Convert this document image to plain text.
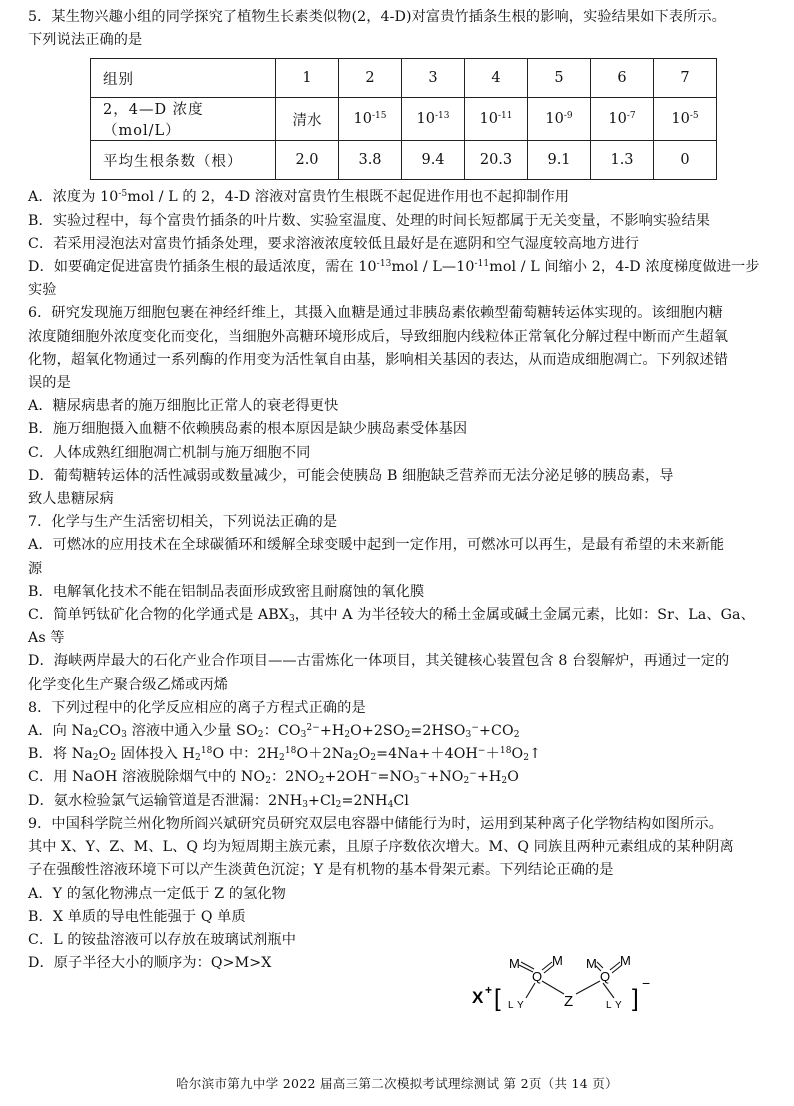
5．某生物兴趣小组的同学探究了植物生长素类似物(2，4-D)对富贵竹插条生根的影响，实验结果如下表所示。
下列说法正确的是
组别	1	2	3	4	5	6	7
2，4—D 浓度（mol/L）	清水	$10^{-15}$	$10^{-13}$	$10^{-11}$	$10^{-9}$	$10^{-7}$	$10^{-5}$
平均生根条数（根）	2.0	3.8	9.4	20.3	9.1	1.3	0
A．浓度为 $10^{-5}mol$ / L 的 2，4-D 溶液对富贵竹生根既不起促进作用也不起抑制作用
B．实验过程中，每个富贵竹插条的叶片数、实验室温度、处理的时间长短都属于无关变量，不影响实验结果
C．若采用浸泡法对富贵竹插条处理，要求溶液浓度较低且最好是在遮阴和空气湿度较高地方进行
D．如要确定促进富贵竹插条生根的最适浓度，需在 $10^{-13}mol$ / $L—10^{-11}mol$ / L 间缩小 2，4-D 浓度梯度做进一步
实验
6．研究发现施万细胞包裹在神经纤维上，其摄入血糖是通过非胰岛素依赖型葡萄糖转运体实现的。该细胞内糖
浓度随细胞外浓度变化而变化，当细胞外高糖环境形成后，导致细胞内线粒体正常氧化分解过程中断而产生超氧
化物，超氧化物通过一系列酶的作用变为活性氧自由基，影响相关基因的表达，从而造成细胞凋亡。下列叙述错
误的是
A．糖尿病患者的施万细胞比正常人的衰老得更快
B．施万细胞摄入血糖不依赖胰岛素的根本原因是缺少胰岛素受体基因
C．人体成熟红细胞凋亡机制与施万细胞不同
D．葡萄糖转运体的活性减弱或数量减少，可能会使胰岛 B 细胞缺乏营养而无法分泌足够的胰岛素，导
致人患糖尿病
7．化学与生产生活密切相关，下列说法正确的是
A．可燃冰的应用技术在全球碳循环和缓解全球变暖中起到一定作用，可燃冰可以再生，是最有希望的未来新能
源
B．电解氧化技术不能在铝制品表面形成致密且耐腐蚀的氧化膜
C．简单钙钛矿化合物的化学通式是 $ABX_3$，其中 A 为半径较大的稀土金属或碱土金属元素，比如：Sr、La、Ga、
As 等
D．海峡两岸最大的石化产业合作项目——古雷炼化一体项目，其关键核心装置包含 8 台裂解炉，再通过一定的
化学变化生产聚合级乙烯或丙烯
8．下列过程中的化学反应相应的离子方程式正确的是
A．向 $Na_2CO_3$ 溶液中通入少量 $SO_2$：$CO_3^{2-}+H_2O+2SO_2=2HSO_3^-+CO_2$
B．将 $Na_2O_2$ 固体投入 $H_2^{18}O$ 中：$2H_2^{18}O+2Na_2O_2=4Na++4OH^-+^{18}O_2↑$
C．用 NaOH 溶液脱除烟气中的 $NO_2$：$2NO_2+2OH^-=NO_3^-+NO_2^-+H_2O$
D．氨水检验氯气运输管道是否泄漏：$2NH_3+Cl_2=2NH_4Cl$
9．中国科学院兰州化物所阎兴斌研究员研究双层电容器中储能行为时，运用到某种离子化学物结构如图所示。
其中 X、Y、Z、M、L、Q 均为短周期主族元素，且原子序数依次增大。M、Q 同族且两种元素组成的某种阴离
子在强酸性溶液环境下可以产生淡黄色沉淀；Y 是有机物的基本骨架元素。下列结论正确的是
A．Y 的氢化物沸点一定低于 Z 的氢化物
B．X 单质的导电性能强于 Q 单质
C．L 的铵盐溶液可以存放在玻璃试剂瓶中
D．原子半径大小的顺序为：Q>M>X
X + [	]
−
M M
Q
L Y	Z
M M
Q
L Y
哈尔滨市第九中学 2022 届高三第二次模拟考试理综测试 第 2页（共 14 页）
